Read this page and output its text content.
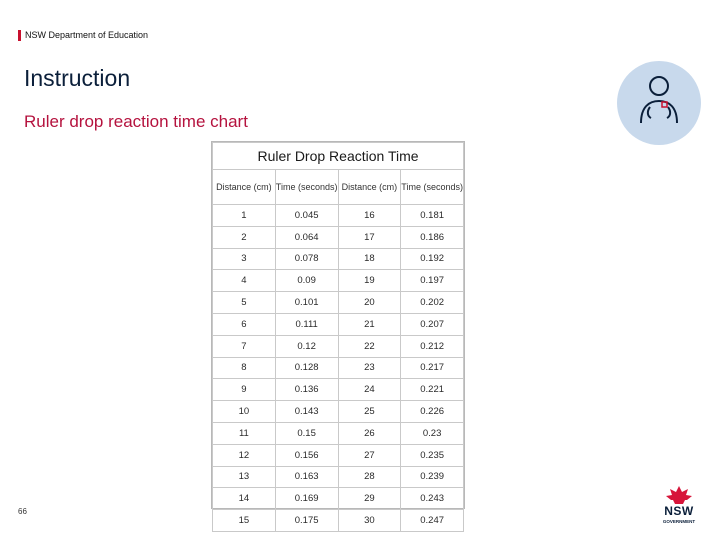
NSW Department of Education
Instruction
Ruler drop reaction time chart
Ruler Drop Reaction Time			
Distance (cm)	Time (seconds)	Distance (cm)	Time (seconds)
1	0.045	16	0.181
2	0.064	17	0.186
3	0.078	18	0.192
4	0.09	19	0.197
5	0.101	20	0.202
6	0.111	21	0.207
7	0.12	22	0.212
8	0.128	23	0.217
9	0.136	24	0.221
10	0.143	25	0.226
11	0.15	26	0.23
12	0.156	27	0.235
13	0.163	28	0.239
14	0.169	29	0.243
15	0.175	30	0.247
66	NSW
GOVERNMENT
